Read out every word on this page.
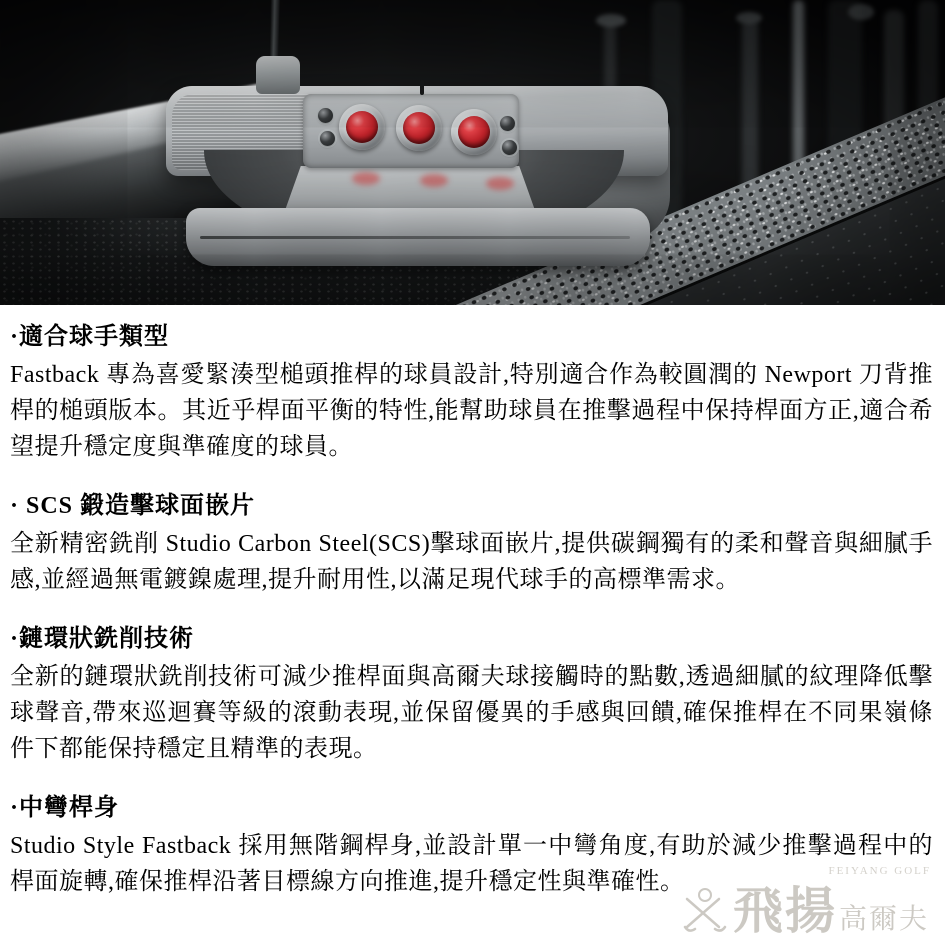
FEIYANG GOLF
飛揚 高爾夫
·適合球手類型

Fastback 專為喜愛緊湊型槌頭推桿的球員設計,特別適合作為較圓潤的 Newport 刀背推桿的槌頭版本。其近乎桿面平衡的特性,能幫助球員在推擊過程中保持桿面方正,適合希望提升穩定度與準確度的球員。

· SCS 鍛造擊球面嵌片

全新精密銑削 Studio Carbon Steel(SCS)擊球面嵌片,提供碳鋼獨有的柔和聲音與細膩手感,並經過無電鍍鎳處理,提升耐用性,以滿足現代球手的高標準需求。

·鏈環狀銑削技術

全新的鏈環狀銑削技術可減少推桿面與高爾夫球接觸時的點數,透過細膩的紋理降低擊球聲音,帶來巡迴賽等級的滾動表現,並保留優異的手感與回饋,確保推桿在不同果嶺條件下都能保持穩定且精準的表現。

·中彎桿身

Studio Style Fastback 採用無階鋼桿身,並設計單一中彎角度,有助於減少推擊過程中的桿面旋轉,確保推桿沿著目標線方向推進,提升穩定性與準確性。
